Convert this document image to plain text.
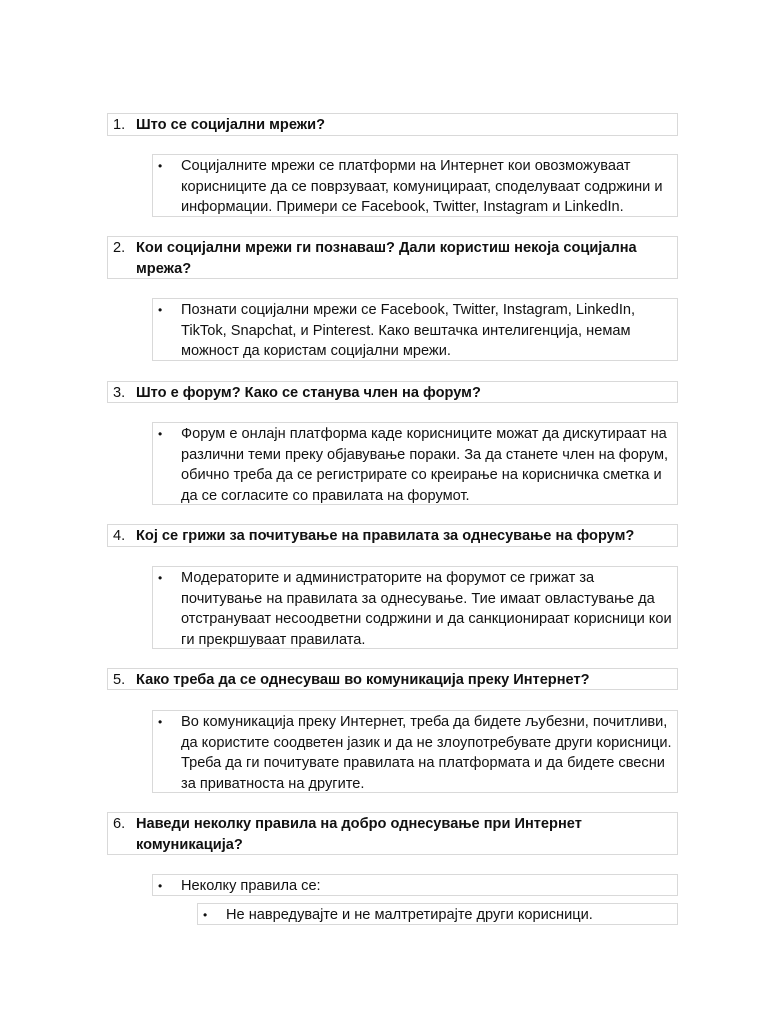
1. Што се социјални мрежи?
• Социјалните мрежи се платформи на Интернет кои овозможуваат корисниците да се поврзуваат, комуницираат, споделуваат содржини и информации. Примери се Facebook, Twitter, Instagram и LinkedIn.
2. Кои социјални мрежи ги познаваш? Дали користиш некоја социјална мрежа?
• Познати социјални мрежи се Facebook, Twitter, Instagram, LinkedIn, TikTok, Snapchat, и Pinterest. Како вештачка интелигенција, немам можност да користам социјални мрежи.
3. Што е форум? Како се станува член на форум?
• Форум е онлајн платформа каде корисниците можат да дискутираат на различни теми преку објавување пораки. За да станете член на форум, обично треба да се регистрирате со креирање на корисничка сметка и да се согласите со правилата на форумот.
4. Кој се грижи за почитување на правилата за однесување на форум?
• Модераторите и администраторите на форумот се грижат за почитување на правилата за однесување. Тие имаат овластување да отстрануваат несоодветни содржини и да санкционираат корисници кои ги прекршуваат правилата.
5. Како треба да се однесуваш во комуникација преку Интернет?
• Во комуникација преку Интернет, треба да бидете љубезни, почитливи, да користите соодветен јазик и да не злоупотребувате други корисници. Треба да ги почитувате правилата на платформата и да бидете свесни за приватноста на другите.
6. Наведи неколку правила на добро однесување при Интернет комуникација?
• Неколку правила се:
• Не навредувајте и не малтретирајте други корисници.
